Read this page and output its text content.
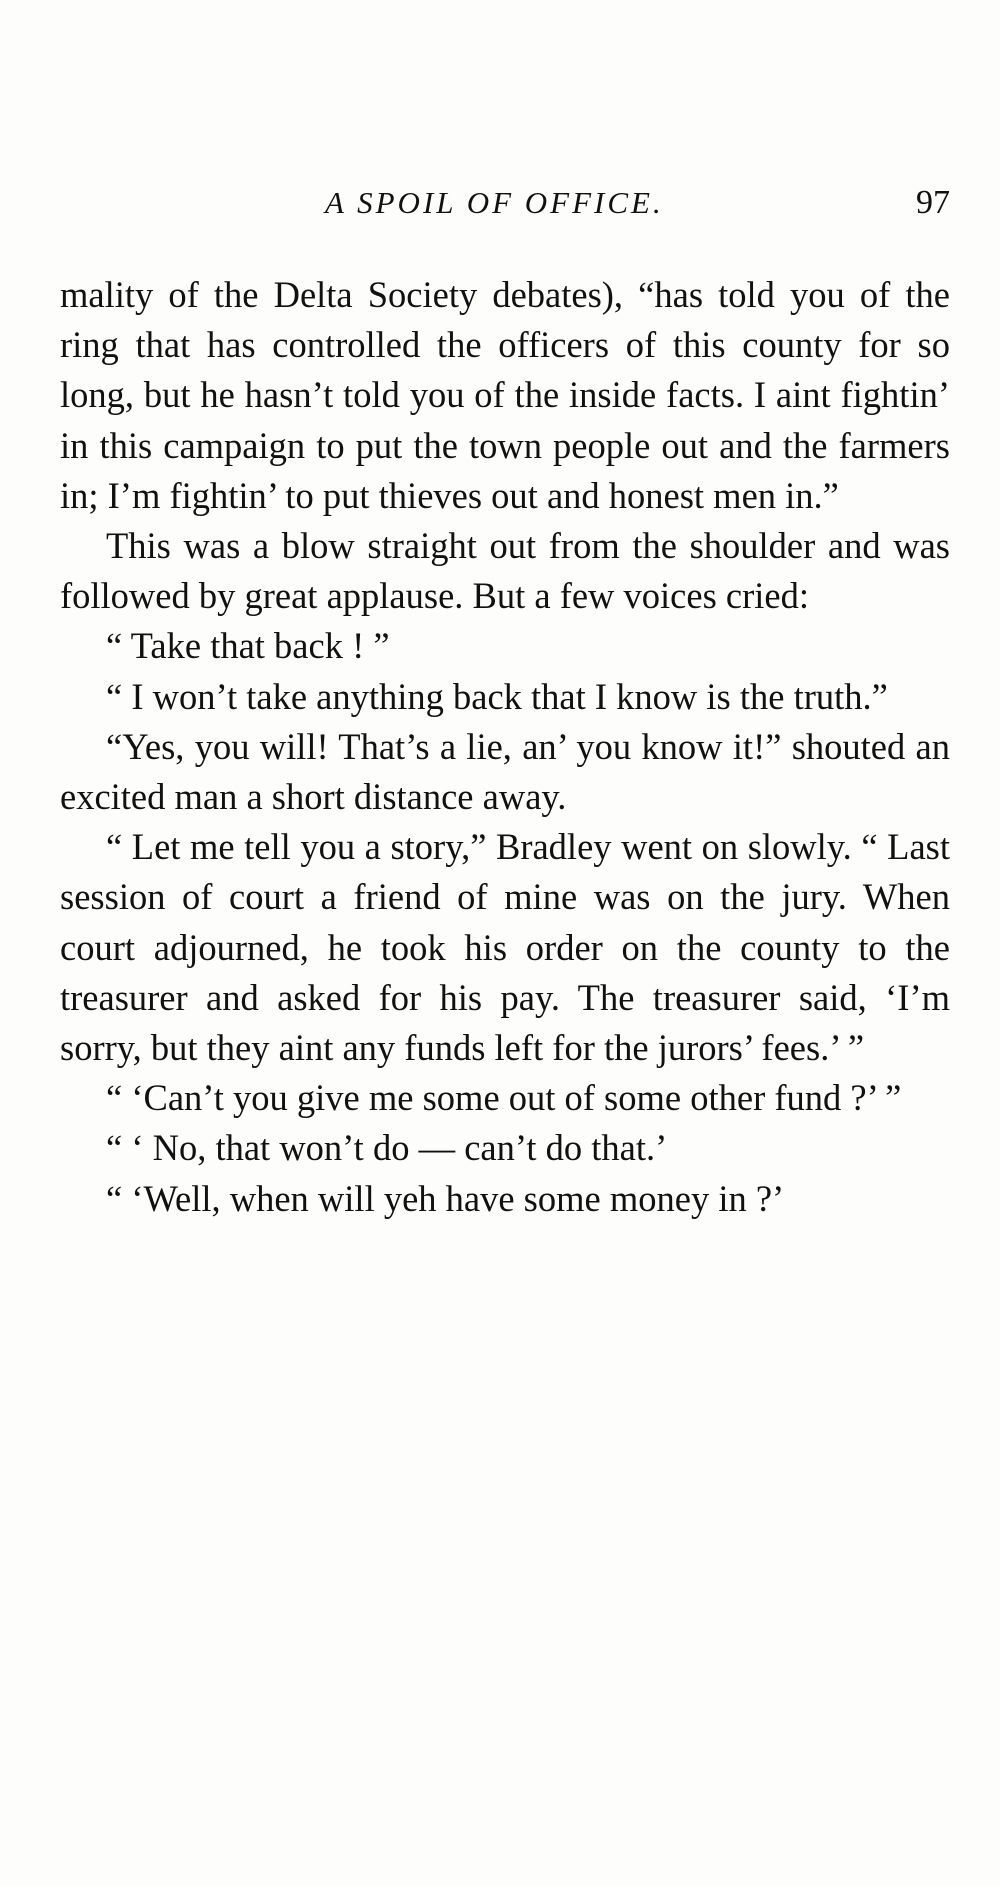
A SPOIL OF OFFICE.	97

mality of the Delta Society debates), “has told you of the ring that has controlled the officers of this county for so long, but he hasn’t told you of the inside facts. I aint fightin’ in this campaign to put the town people out and the farmers in; I’m fightin’ to put thieves out and honest men in.”

This was a blow straight out from the shoulder and was followed by great applause. But a few voices cried:

“ Take that back ! ”

“ I won’t take anything back that I know is the truth.”

“Yes, you will! That’s a lie, an’ you know it!” shouted an excited man a short distance away.

“ Let me tell you a story,” Bradley went on slowly. “ Last session of court a friend of mine was on the jury. When court adjourned, he took his order on the county to the treasurer and asked for his pay. The treasurer said, ‘I’m sorry, but they aint any funds left for the jurors’ fees.’ ”

“ ‘Can’t you give me some out of some other fund ?’ ”

“ ‘ No, that won’t do — can’t do that.’

“ ‘Well, when will yeh have some money in ?’
